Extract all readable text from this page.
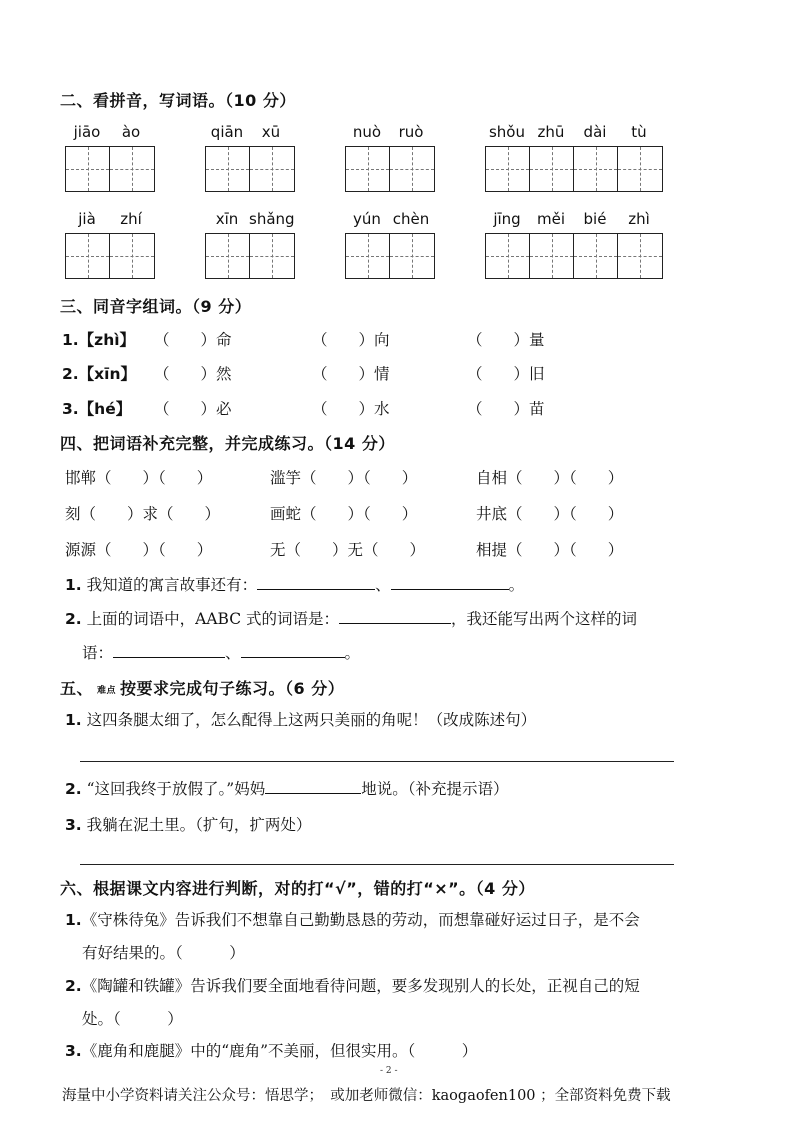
二、看拼音，写词语。（10 分）
jiāo ào	qiān xū	nuò ruò	shǒu zhū dài tù
jià zhí	xīn shǎng	yún chèn	jīng měi bié zhì
三、同音字组词。（9 分）
1.【zhì】 （　　）命	（　　）向	（　　）量
2.【xīn】 （　　）然	（　　）情	（　　）旧
3.【hé】 （　　）必	（　　）水	（　　）苗
四、把词语补充完整，并完成练习。（14 分）
邯郸（　　）（　　）	滥竽（　　）（　　）	自相（　　）（　　）
刻（　　）求（　　）	画蛇（　　）（　　）	井底（　　）（　　）
源源（　　）（　　）	无（　　）无（　　）	相提（　　）（　　）
1. 我知道的寓言故事还有：	、	。
2. 上面的词语中，AABC 式的词语是：	，我还能写出两个这样的词
语：	、	。
五、 难点 按要求完成句子练习。（6 分）
1. 这四条腿太细了，怎么配得上这两只美丽的角呢！（改成陈述句）
2. “这回我终于放假了。”妈妈	地说。（补充提示语）
3. 我躺在泥土里。（扩句，扩两处）
六、根据课文内容进行判断，对的打“√”，错的打“×”。（4 分）
1.《守株待兔》告诉我们不想靠自己勤勤恳恳的劳动，而想靠碰好运过日子，是不会
有好结果的。（　　　）
2.《陶罐和铁罐》告诉我们要全面地看待问题，要多发现别人的长处，正视自己的短
处。（　　　）
3.《鹿角和鹿腿》中的“鹿角”不美丽，但很实用。（　　　）
- 2 -
海量中小学资料请关注公众号：悟思学；　或加老师微信：kaogaofen100 ；全部资料免费下载
